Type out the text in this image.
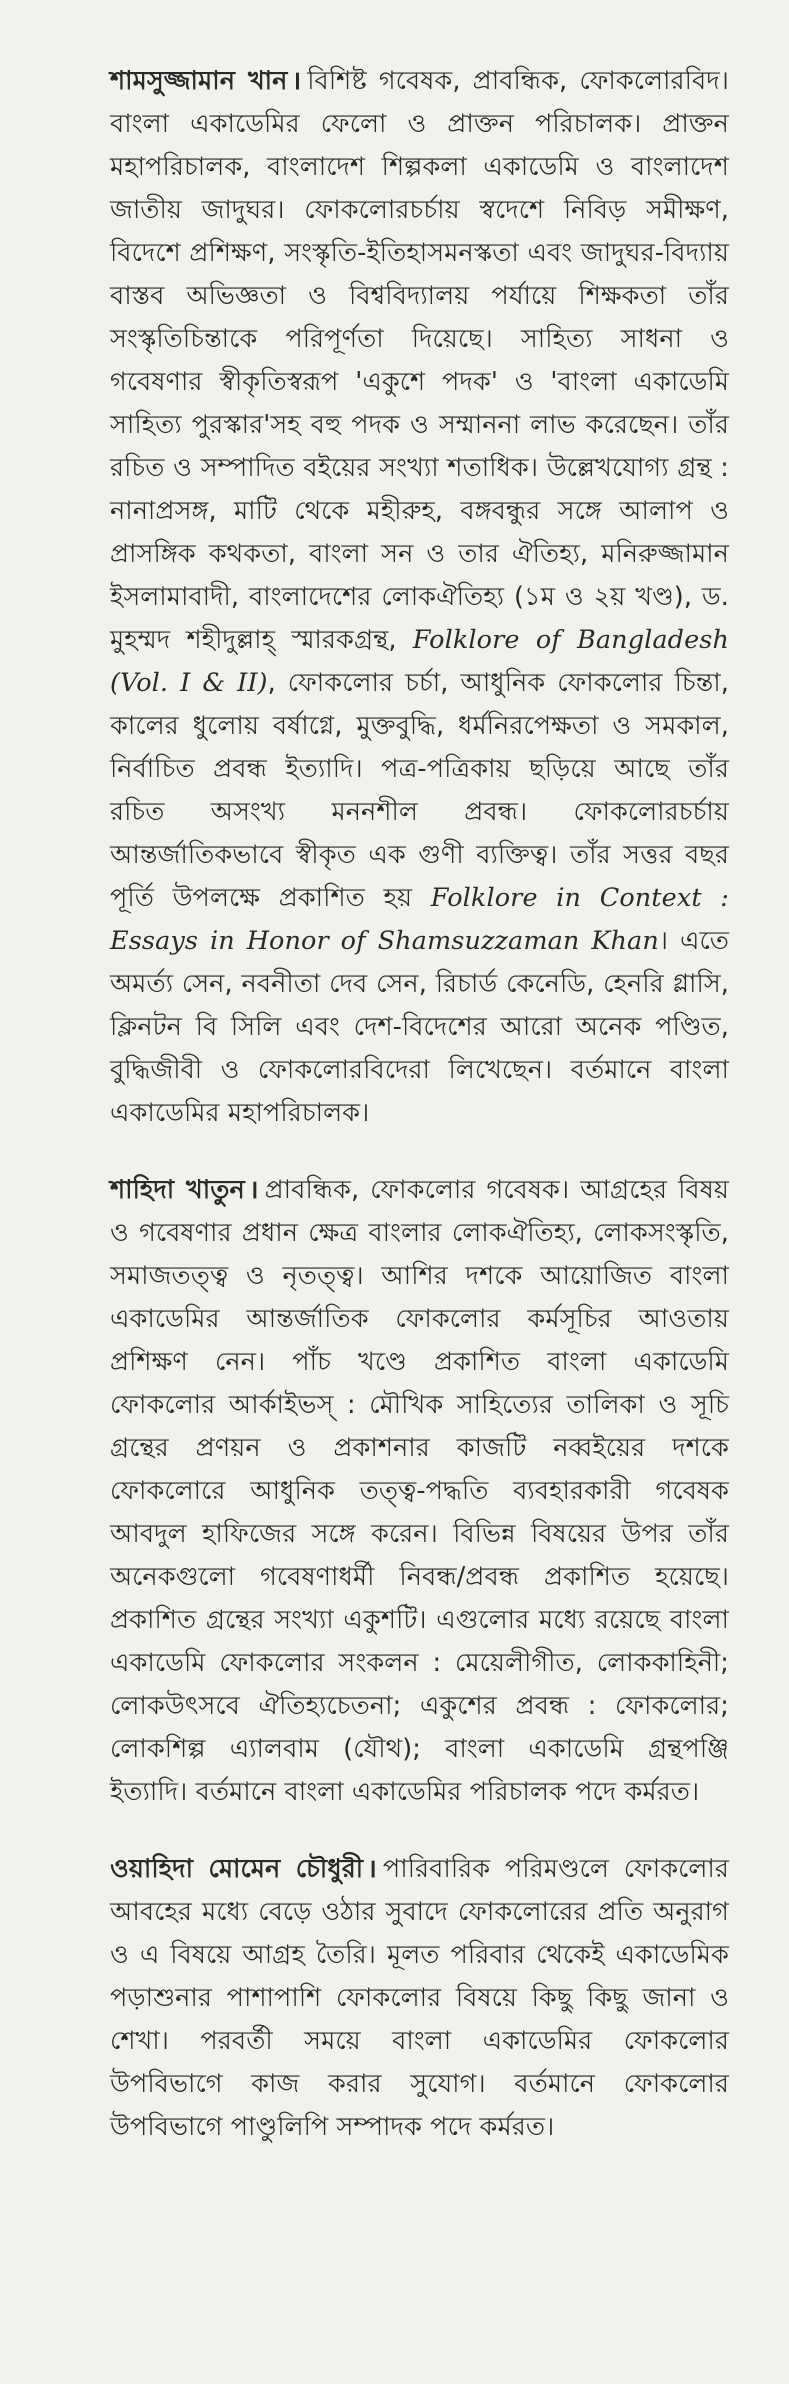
শামসুজ্জামান খান । বিশিষ্ট গবেষক, প্রাবন্ধিক, ফোকলোরবিদ। বাংলা একাডেমির ফেলো ও প্রাক্তন পরিচালক। প্রাক্তন মহাপরিচালক, বাংলাদেশ শিল্পকলা একাডেমি ও বাংলাদেশ জাতীয় জাদুঘর। ফোকলোরচর্চায় স্বদেশে নিবিড় সমীক্ষণ, বিদেশে প্রশিক্ষণ, সংস্কৃতি-ইতিহাসমনস্কতা এবং জাদুঘর-বিদ্যায় বাস্তব অভিজ্ঞতা ও বিশ্ববিদ্যালয় পর্যায়ে শিক্ষকতা তাঁর সংস্কৃতিচিন্তাকে পরিপূর্ণতা দিয়েছে। সাহিত্য সাধনা ও গবেষণার স্বীকৃতিস্বরূপ 'একুশে পদক' ও 'বাংলা একাডেমি সাহিত্য পুরস্কার'সহ বহু পদক ও সম্মাননা লাভ করেছেন। তাঁর রচিত ও সম্পাদিত বইয়ের সংখ্যা শতাধিক। উল্লেখযোগ্য গ্রন্থ : নানাপ্রসঙ্গ, মাটি থেকে মহীরুহ, বঙ্গবন্ধুর সঙ্গে আলাপ ও প্রাসঙ্গিক কথকতা, বাংলা সন ও তার ঐতিহ্য, মনিরুজ্জামান ইসলামাবাদী, বাংলাদেশের লোকঐতিহ্য (১ম ও ২য় খণ্ড), ড. মুহম্মদ শহীদুল্লাহ্ স্মারকগ্রন্থ, Folklore of Bangladesh (Vol. I & II), ফোকলোর চর্চা, আধুনিক ফোকলোর চিন্তা, কালের ধুলোয় বর্ষাগ্নে, মুক্তবুদ্ধি, ধর্মনিরপেক্ষতা ও সমকাল, নির্বাচিত প্রবন্ধ ইত্যাদি। পত্র-পত্রিকায় ছড়িয়ে আছে তাঁর রচিত অসংখ্য মননশীল প্রবন্ধ। ফোকলোরচর্চায় আন্তর্জাতিকভাবে স্বীকৃত এক গুণী ব্যক্তিত্ব। তাঁর সত্তর বছর পূর্তি উপলক্ষে প্রকাশিত হয় Folklore in Context : Essays in Honor of Shamsuzzaman Khan। এতে অমর্ত্য সেন, নবনীতা দেব সেন, রিচার্ড কেনেডি, হেনরি গ্লাসি, ক্লিনটন বি সিলি এবং দেশ-বিদেশের আরো অনেক পণ্ডিত, বুদ্ধিজীবী ও ফোকলোরবিদেরা লিখেছেন। বর্তমানে বাংলা একাডেমির মহাপরিচালক।

শাহিদা খাতুন । প্রাবন্ধিক, ফোকলোর গবেষক। আগ্রহের বিষয় ও গবেষণার প্রধান ক্ষেত্র বাংলার লোকঐতিহ্য, লোকসংস্কৃতি, সমাজতত্ত্ব ও নৃতত্ত্ব। আশির দশকে আয়োজিত বাংলা একাডেমির আন্তর্জাতিক ফোকলোর কর্মসূচির আওতায় প্রশিক্ষণ নেন। পাঁচ খণ্ডে প্রকাশিত বাংলা একাডেমি ফোকলোর আর্কাইভস্ : মৌখিক সাহিত্যের তালিকা ও সূচি গ্রন্থের প্রণয়ন ও প্রকাশনার কাজটি নব্বইয়ের দশকে ফোকলোরে আধুনিক তত্ত্ব-পদ্ধতি ব্যবহারকারী গবেষক আবদুল হাফিজের সঙ্গে করেন। বিভিন্ন বিষয়ের উপর তাঁর অনেকগুলো গবেষণাধর্মী নিবন্ধ/প্রবন্ধ প্রকাশিত হয়েছে। প্রকাশিত গ্রন্থের সংখ্যা একুশটি। এগুলোর মধ্যে রয়েছে বাংলা একাডেমি ফোকলোর সংকলন : মেয়েলীগীত, লোককাহিনী; লোকউৎসবে ঐতিহ্যচেতনা; একুশের প্রবন্ধ : ফোকলোর; লোকশিল্প এ্যালবাম (যৌথ); বাংলা একাডেমি গ্রন্থপঞ্জি ইত্যাদি। বর্তমানে বাংলা একাডেমির পরিচালক পদে কর্মরত।

ওয়াহিদা মোমেন চৌধুরী । পারিবারিক পরিমণ্ডলে ফোকলোর আবহের মধ্যে বেড়ে ওঠার সুবাদে ফোকলোরের প্রতি অনুরাগ ও এ বিষয়ে আগ্রহ তৈরি। মূলত পরিবার থেকেই একাডেমিক পড়াশুনার পাশাপাশি ফোকলোর বিষয়ে কিছু কিছু জানা ও শেখা। পরবর্তী সময়ে বাংলা একাডেমির ফোকলোর উপবিভাগে কাজ করার সুযোগ। বর্তমানে ফোকলোর উপবিভাগে পাণ্ডুলিপি সম্পাদক পদে কর্মরত।
